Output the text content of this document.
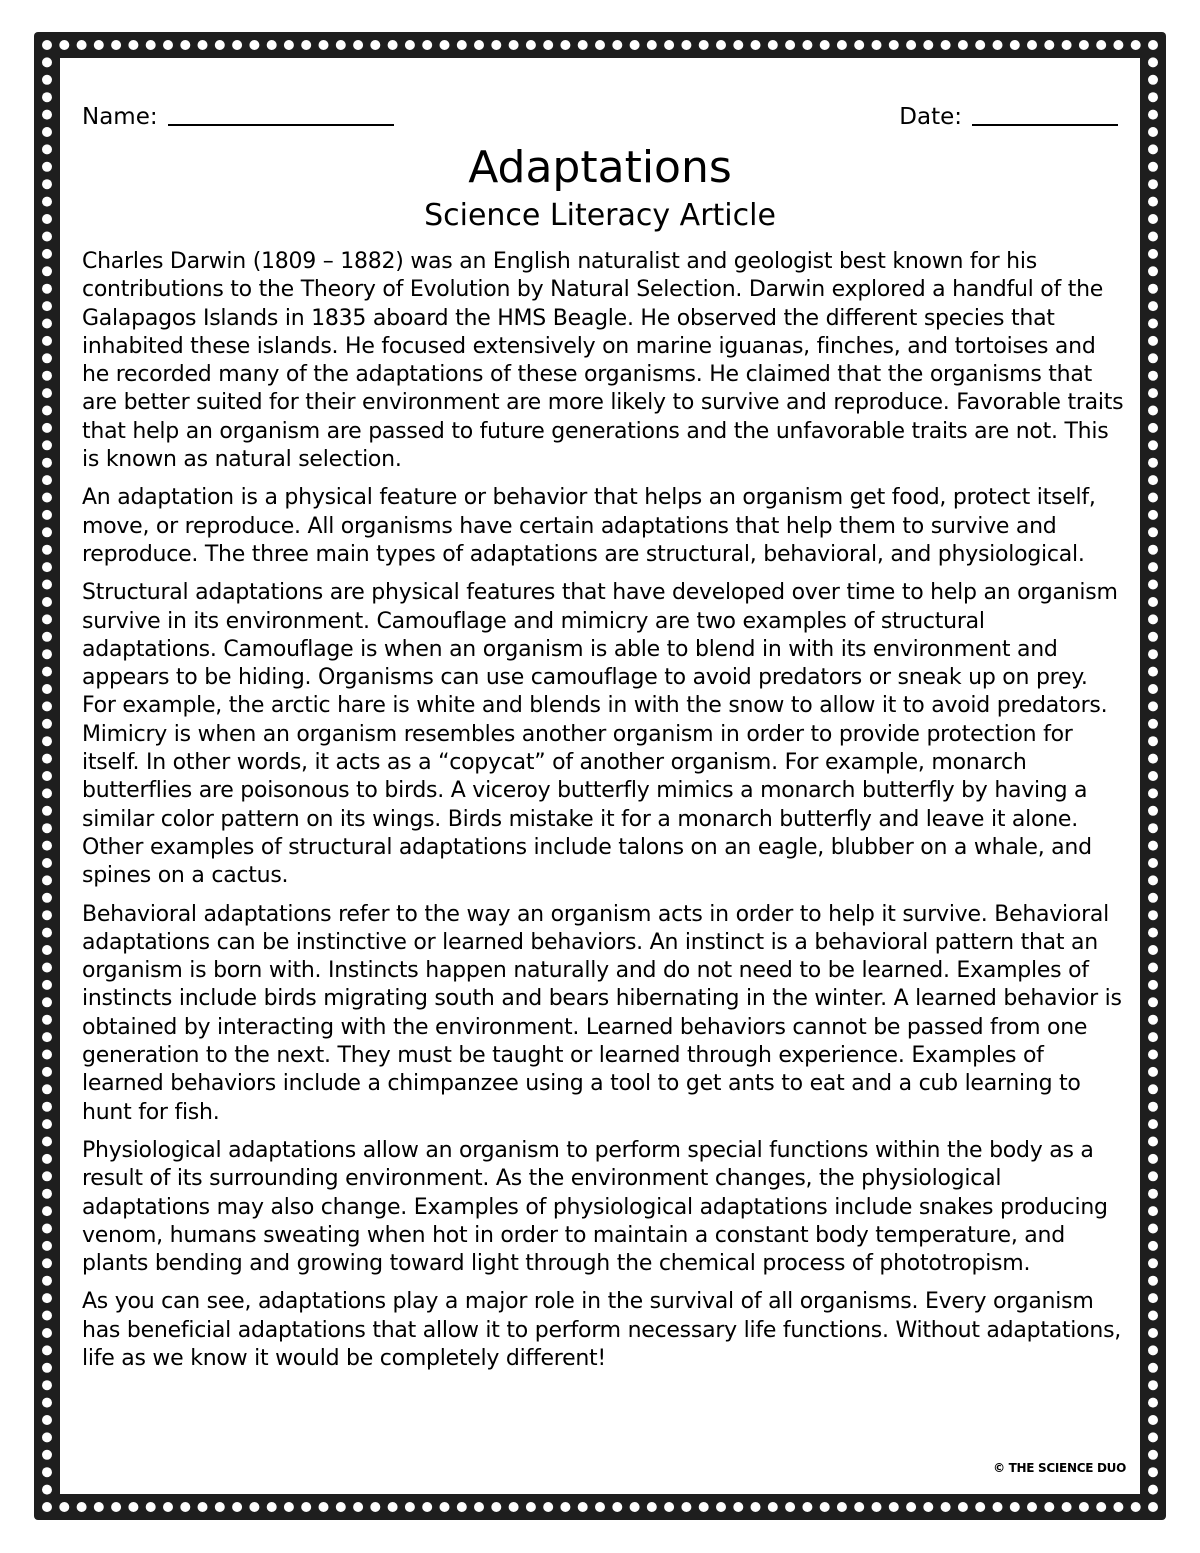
Name:	Date:
Adaptations
Science Literacy Article

Charles Darwin (1809 – 1882) was an English naturalist and geologist best known for his contributions to the Theory of Evolution by Natural Selection. Darwin explored a handful of the Galapagos Islands in 1835 aboard the HMS Beagle. He observed the different species that inhabited these islands. He focused extensively on marine iguanas, finches, and tortoises and he recorded many of the adaptations of these organisms. He claimed that the organisms that are better suited for their environment are more likely to survive and reproduce. Favorable traits that help an organism are passed to future generations and the unfavorable traits are not. This is known as natural selection.

An adaptation is a physical feature or behavior that helps an organism get food, protect itself, move, or reproduce. All organisms have certain adaptations that help them to survive and reproduce. The three main types of adaptations are structural, behavioral, and physiological.

Structural adaptations are physical features that have developed over time to help an organism survive in its environment. Camouflage and mimicry are two examples of structural adaptations. Camouflage is when an organism is able to blend in with its environment and appears to be hiding. Organisms can use camouflage to avoid predators or sneak up on prey. For example, the arctic hare is white and blends in with the snow to allow it to avoid predators. Mimicry is when an organism resembles another organism in order to provide protection for itself. In other words, it acts as a “copycat” of another organism. For example, monarch butterflies are poisonous to birds. A viceroy butterfly mimics a monarch butterfly by having a similar color pattern on its wings. Birds mistake it for a monarch butterfly and leave it alone. Other examples of structural adaptations include talons on an eagle, blubber on a whale, and spines on a cactus.

Behavioral adaptations refer to the way an organism acts in order to help it survive. Behavioral adaptations can be instinctive or learned behaviors. An instinct is a behavioral pattern that an organism is born with. Instincts happen naturally and do not need to be learned. Examples of instincts include birds migrating south and bears hibernating in the winter. A learned behavior is obtained by interacting with the environment. Learned behaviors cannot be passed from one generation to the next. They must be taught or learned through experience. Examples of learned behaviors include a chimpanzee using a tool to get ants to eat and a cub learning to hunt for fish.

Physiological adaptations allow an organism to perform special functions within the body as a result of its surrounding environment. As the environment changes, the physiological adaptations may also change. Examples of physiological adaptations include snakes producing venom, humans sweating when hot in order to maintain a constant body temperature, and plants bending and growing toward light through the chemical process of phototropism.

As you can see, adaptations play a major role in the survival of all organisms. Every organism has beneficial adaptations that allow it to perform necessary life functions. Without adaptations, life as we know it would be completely different!

© THE SCIENCE DUO
